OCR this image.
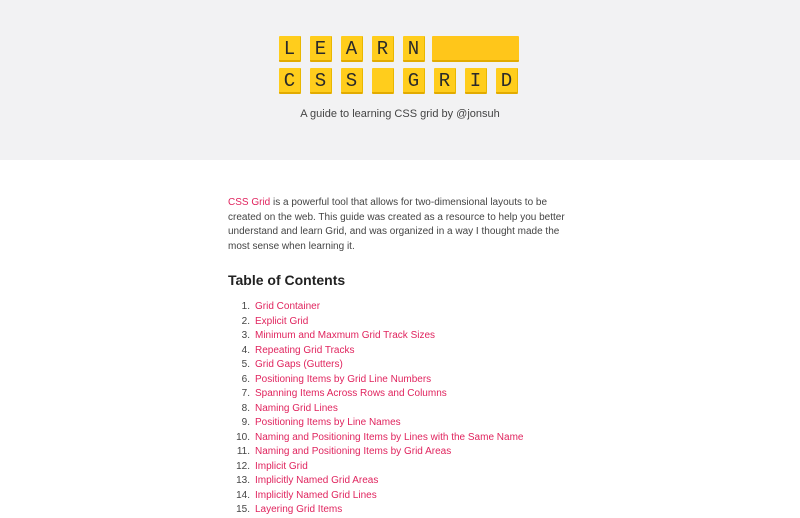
L	E	A	R	N
C	S	S	G	R	I	D
A guide to learning CSS grid by @jonsuh

CSS Grid is a powerful tool that allows for two-dimensional layouts to be created on the web. This guide was created as a resource to help you better understand and learn Grid, and was organized in a way I thought made the most sense when learning it.

Table of Contents
1. Grid Container
2. Explicit Grid
3. Minimum and Maxmum Grid Track Sizes
4. Repeating Grid Tracks
5. Grid Gaps (Gutters)
6. Positioning Items by Grid Line Numbers
7. Spanning Items Across Rows and Columns
8. Naming Grid Lines
9. Positioning Items by Line Names
10. Naming and Positioning Items by Lines with the Same Name
11. Naming and Positioning Items by Grid Areas
12. Implicit Grid
13. Implicitly Named Grid Areas
14. Implicitly Named Grid Lines
15. Layering Grid Items
